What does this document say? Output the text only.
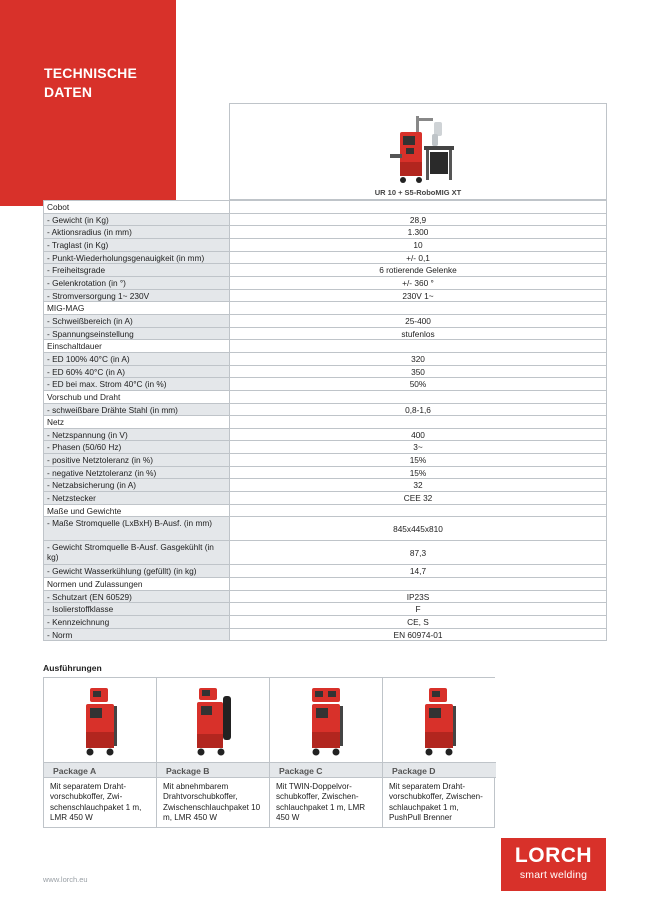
TECHNISCHE
DATEN
UR 10 + S5-RoboMIG XT
Cobot	
- Gewicht (in Kg)	28,9
- Aktionsradius (in mm)	1.300
- Traglast (in Kg)	10
- Punkt-Wiederholungsgenauigkeit (in mm)	+/- 0,1
- Freiheitsgrade	6 rotierende Gelenke
- Gelenkrotation (in °)	+/- 360 °
- Stromversorgung 1~ 230V	230V 1~
MIG-MAG	
- Schweißbereich (in A)	25-400
- Spannungseinstellung	stufenlos
Einschaltdauer	
- ED 100% 40°C (in A)	320
- ED 60% 40°C (in A)	350
- ED bei max. Strom 40°C (in %)	50%
Vorschub und Draht	
- schweißbare Drähte Stahl (in mm)	0,8-1,6
Netz	
- Netzspannung (in V)	400
- Phasen (50/60 Hz)	3~
- positive Netztoleranz (in %)	15%
- negative Netztoleranz (in %)	15%
- Netzabsicherung (in A)	32
- Netzstecker	CEE 32
Maße und Gewichte	
- Maße Stromquelle (LxBxH) B-Ausf. (in mm)	845x445x810
- Gewicht Stromquelle B-Ausf. Gasgekühlt (in kg)	87,3
- Gewicht Wasserkühlung (gefüllt) (in kg)	14,7
Normen und Zulassungen	
- Schutzart (EN 60529)	IP23S
- Isolierstoffklasse	F
- Kennzeichnung	CE, S
- Norm	EN 60974-01
Ausführungen
Package A
Mit separatem Draht-vorschubkoffer, Zwi-schenschlauchpaket 1 m, LMR 450 W
Package B
Mit abnehmbarem Drahtvorschubkoffer, Zwischenschlauchpaket 10 m, LMR 450 W
Package C
Mit TWIN-Doppelvor-schubkoffer, Zwischen-schlauchpaket 1 m, LMR 450 W
Package D
Mit separatem Draht-vorschubkoffer, Zwischen-schlauchpaket 1 m, PushPull Brenner
www.lorch.eu
LORCH
smart welding
